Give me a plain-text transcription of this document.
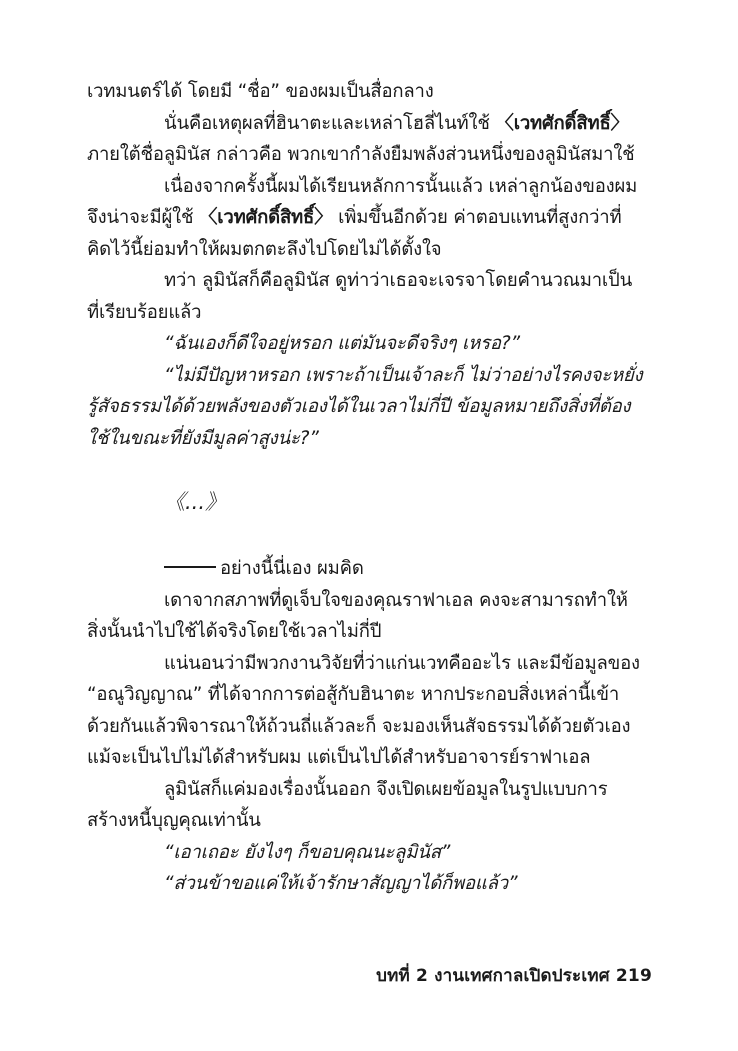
เวทมนตร์ได้ โดยมี “ชื่อ” ของผมเป็นสื่อกลาง
นั่นคือเหตุผลที่ฮินาตะและเหล่าโฮลี่ไนท์ใช้ 〈เวทศักดิ์สิทธิ์〉
ภายใต้ชื่อลูมินัส กล่าวคือ พวกเขากำลังยืมพลังส่วนหนึ่งของลูมินัสมาใช้
เนื่องจากครั้งนี้ผมได้เรียนหลักการนั้นแล้ว เหล่าลูกน้องของผม
จึงน่าจะมีผู้ใช้ 〈เวทศักดิ์สิทธิ์〉 เพิ่มขึ้นอีกด้วย ค่าตอบแทนที่สูงกว่าที่
คิดไว้นี้ย่อมทำให้ผมตกตะลึงไปโดยไม่ได้ตั้งใจ
ทว่า ลูมินัสก็คือลูมินัส ดูท่าว่าเธอจะเจรจาโดยคำนวณมาเป็น
ที่เรียบร้อยแล้ว
“ฉันเองก็ดีใจอยู่หรอก แต่มันจะดีจริงๆ เหรอ?”
“ไม่มีปัญหาหรอก เพราะถ้าเป็นเจ้าละก็ ไม่ว่าอย่างไรคงจะหยั่ง
รู้สัจธรรมได้ด้วยพลังของตัวเองได้ในเวลาไม่กี่ปี ข้อมูลหมายถึงสิ่งที่ต้อง
ใช้ในขณะที่ยังมีมูลค่าสูงน่ะ?”
《...》
อย่างนี้นี่เอง ผมคิด
เดาจากสภาพที่ดูเจ็บใจของคุณราฟาเอล คงจะสามารถทำให้
สิ่งนั้นนำไปใช้ได้จริงโดยใช้เวลาไม่กี่ปี
แน่นอนว่ามีพวกงานวิจัยที่ว่าแก่นเวทคืออะไร และมีข้อมูลของ
“อณูวิญญาณ” ที่ได้จากการต่อสู้กับฮินาตะ หากประกอบสิ่งเหล่านี้เข้า
ด้วยกันแล้วพิจารณาให้ถ้วนถี่แล้วละก็ จะมองเห็นสัจธรรมได้ด้วยตัวเอง
แม้จะเป็นไปไม่ได้สำหรับผม แต่เป็นไปได้สำหรับอาจารย์ราฟาเอล
ลูมินัสก็แค่มองเรื่องนั้นออก จึงเปิดเผยข้อมูลในรูปแบบการ
สร้างหนี้บุญคุณเท่านั้น
“เอาเถอะ ยังไงๆ ก็ขอบคุณนะลูมินัส”
“ส่วนข้าขอแค่ให้เจ้ารักษาสัญญาได้ก็พอแล้ว”
บทที่ 2 งานเทศกาลเปิดประเทศ 219
